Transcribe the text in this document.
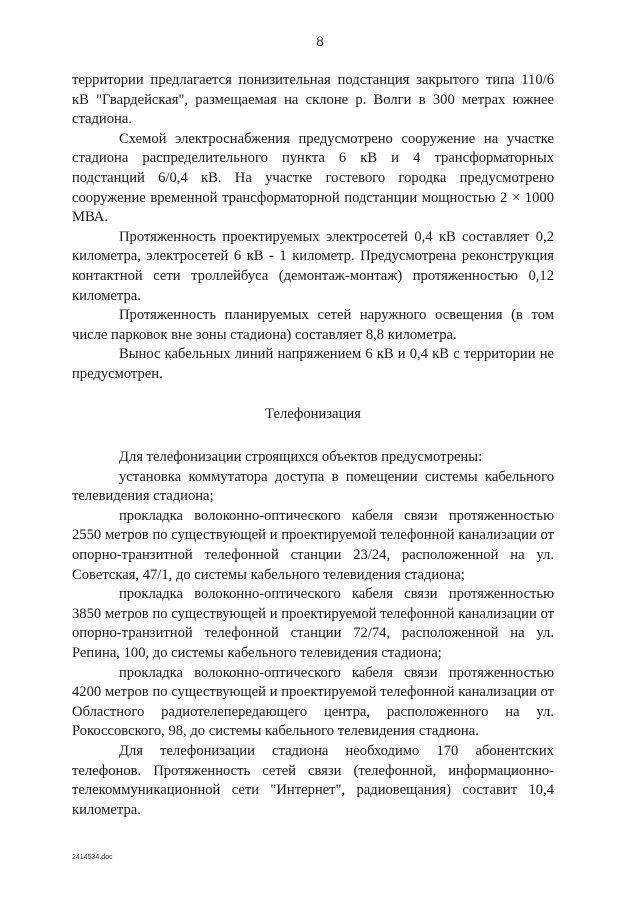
8

территории предлагается понизительная подстанция закрытого типа 110/6 кВ "Гвардейская", размещаемая на склоне р. Волги в 300 метрах южнее стадиона.

Схемой электроснабжения предусмотрено сооружение на участке стадиона распределительного пункта 6 кВ и 4 трансформаторных подстанций 6/0,4 кВ. На участке гостевого городка предусмотрено сооружение временной трансформаторной подстанции мощностью 2 × 1000 МВА.

Протяженность проектируемых электросетей 0,4 кВ составляет 0,2 километра, электросетей 6 кВ - 1 километр. Предусмотрена реконструкция контактной сети троллейбуса (демонтаж-монтаж) протяженностью 0,12 километра.

Протяженность планируемых сетей наружного освещения (в том числе парковок вне зоны стадиона) составляет 8,8 километра.

Вынос кабельных линий напряжением 6 кВ и 0,4 кВ с территории не предусмотрен.

Телефонизация

Для телефонизации строящихся объектов предусмотрены:

установка коммутатора доступа в помещении системы кабельного телевидения стадиона;

прокладка волоконно-оптического кабеля связи протяженностью 2550 метров по существующей и проектируемой телефонной канализации от опорно-транзитной телефонной станции 23/24, расположенной на ул. Советская, 47/1, до системы кабельного телевидения стадиона;

прокладка волоконно-оптического кабеля связи протяженностью 3850 метров по существующей и проектируемой телефонной канализации от опорно-транзитной телефонной станции 72/74, расположенной на ул. Репина, 100, до системы кабельного телевидения стадиона;

прокладка волоконно-оптического кабеля связи протяженностью 4200 метров по существующей и проектируемой телефонной канализации от Областного радиотелепередающего центра, расположенного на ул. Рокоссовского, 98, до системы кабельного телевидения стадиона.

Для телефонизации стадиона необходимо 170 абонентских телефонов. Протяженность сетей связи (телефонной, информационно-телекоммуникационной сети "Интернет", радиовещания) составит 10,4 километра.

2414534.doc
